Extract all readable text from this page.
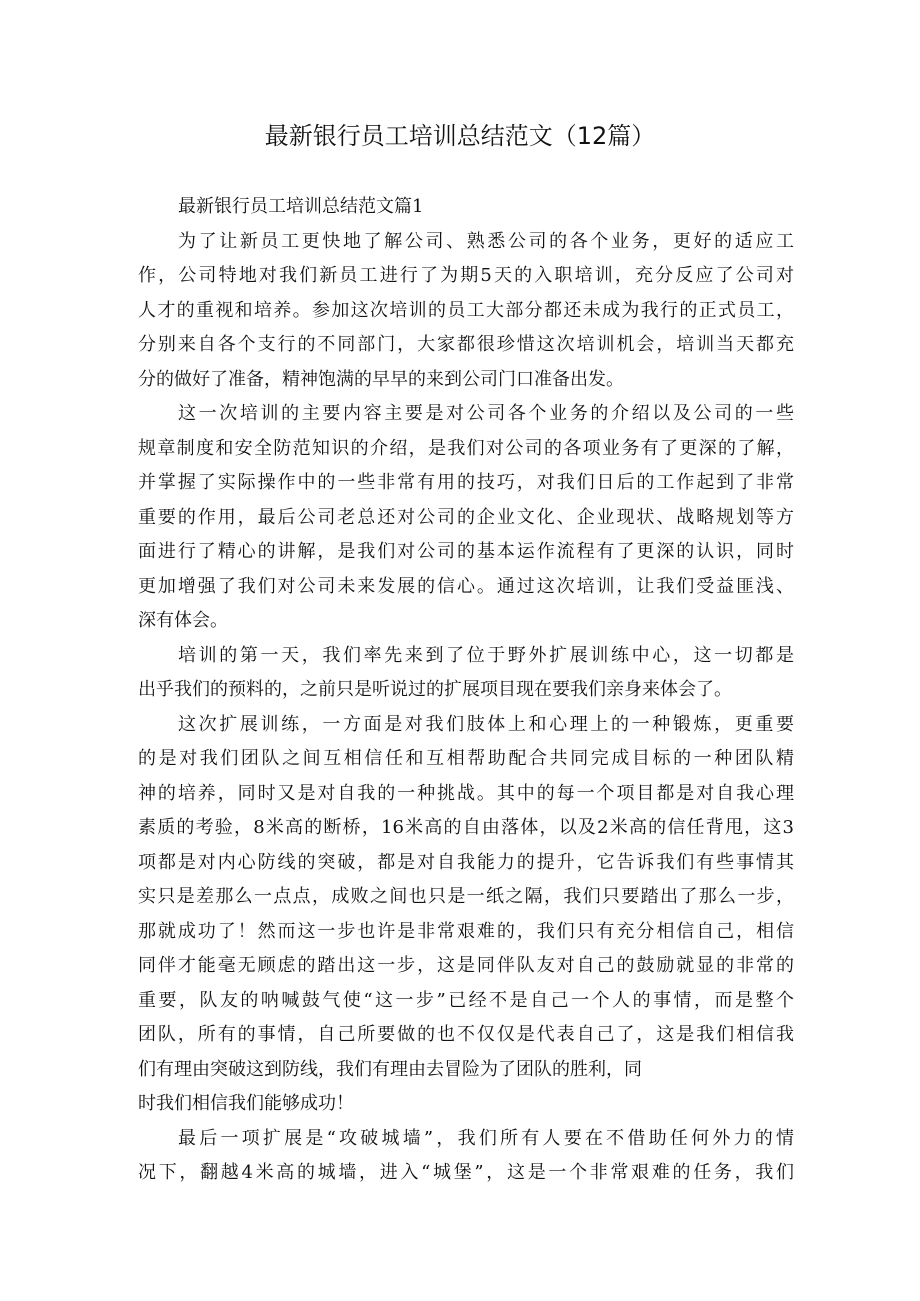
最新银行员工培训总结范文（12篇）
最新银行员工培训总结范文篇1
为了让新员工更快地了解公司、熟悉公司的各个业务，更好的适应工
作，公司特地对我们新员工进行了为期5天的入职培训，充分反应了公司对
人才的重视和培养。参加这次培训的员工大部分都还未成为我行的正式员工，
分别来自各个支行的不同部门，大家都很珍惜这次培训机会，培训当天都充
分的做好了准备，精神饱满的早早的来到公司门口准备出发。
这一次培训的主要内容主要是对公司各个业务的介绍以及公司的一些
规章制度和安全防范知识的介绍，是我们对公司的各项业务有了更深的了解，
并掌握了实际操作中的一些非常有用的技巧，对我们日后的工作起到了非常
重要的作用，最后公司老总还对公司的企业文化、企业现状、战略规划等方
面进行了精心的讲解，是我们对公司的基本运作流程有了更深的认识，同时
更加增强了我们对公司未来发展的信心。通过这次培训，让我们受益匪浅、
深有体会。
培训的第一天，我们率先来到了位于野外扩展训练中心，这一切都是
出乎我们的预料的，之前只是听说过的扩展项目现在要我们亲身来体会了。
这次扩展训练，一方面是对我们肢体上和心理上的一种锻炼，更重要
的是对我们团队之间互相信任和互相帮助配合共同完成目标的一种团队精
神的培养，同时又是对自我的一种挑战。其中的每一个项目都是对自我心理
素质的考验，8米高的断桥，16米高的自由落体，以及2米高的信任背甩，这3
项都是对内心防线的突破，都是对自我能力的提升，它告诉我们有些事情其
实只是差那么一点点，成败之间也只是一纸之隔，我们只要踏出了那么一步，
那就成功了！然而这一步也许是非常艰难的，我们只有充分相信自己，相信
同伴才能毫无顾虑的踏出这一步，这是同伴队友对自己的鼓励就显的非常的
重要，队友的呐喊鼓气使“这一步”已经不是自己一个人的事情，而是整个
团队，所有的事情，自己所要做的也不仅仅是代表自己了，这是我们相信我
们有理由突破这到防线，我们有理由去冒险为了团队的胜利，同
时我们相信我们能够成功！
最后一项扩展是“攻破城墙”，我们所有人要在不借助任何外力的情
况下，翻越4米高的城墙，进入“城堡”，这是一个非常艰难的任务，我们
